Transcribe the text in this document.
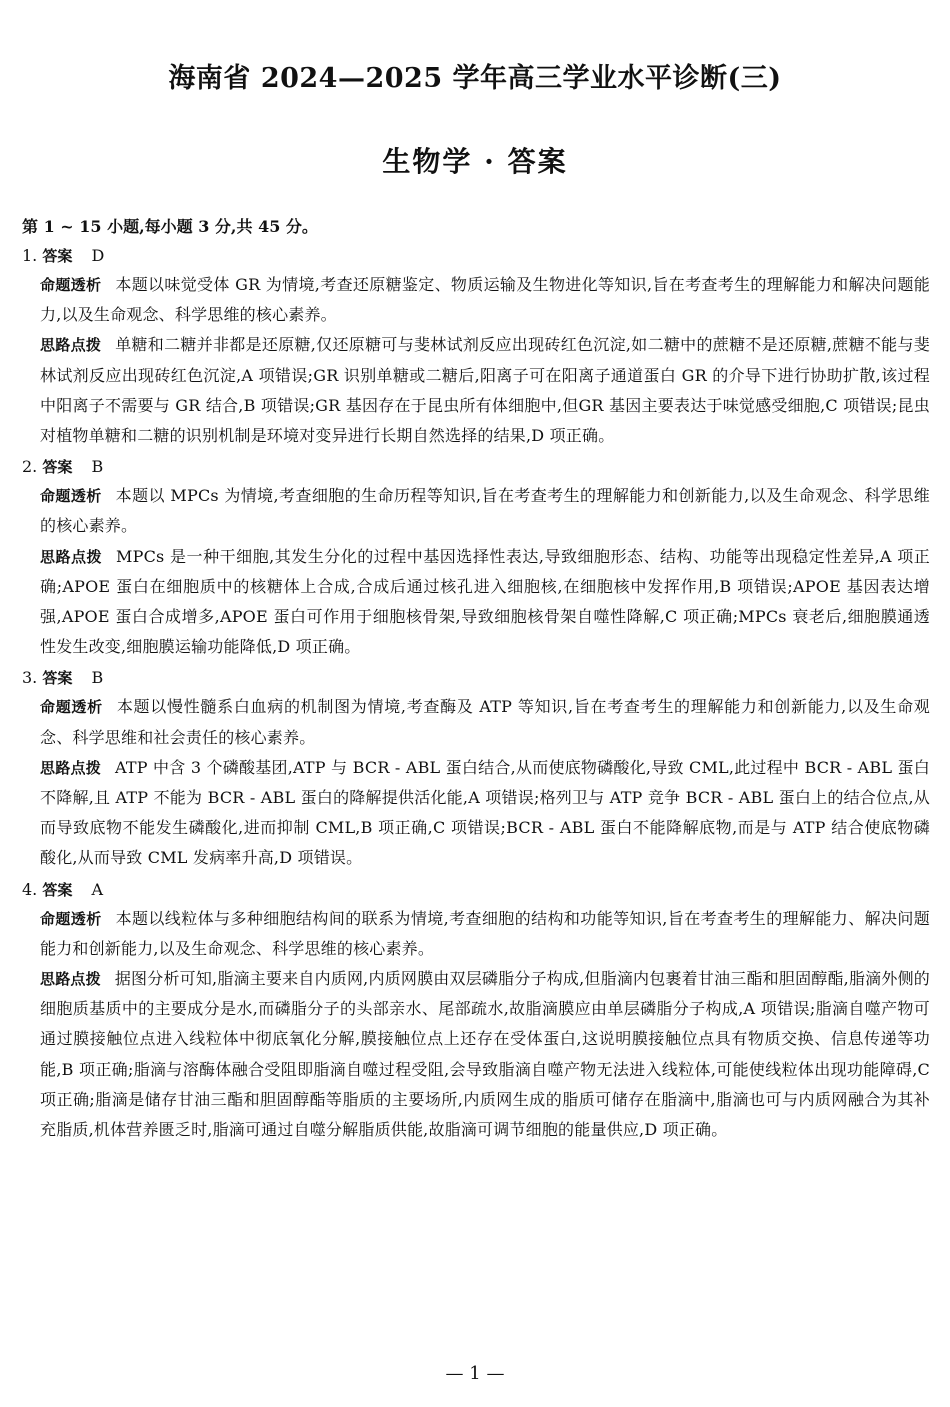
海南省 2024—2025 学年高三学业水平诊断(三)
生物学 · 答案
第 1 ~ 15 小题,每小题 3 分,共 45 分。
1. 答案 D
命题透析 本题以味觉受体 GR 为情境,考查还原糖鉴定、物质运输及生物进化等知识,旨在考查考生的理解能力和解决问题能力,以及生命观念、科学思维的核心素养。
思路点拨 单糖和二糖并非都是还原糖,仅还原糖可与斐林试剂反应出现砖红色沉淀,如二糖中的蔗糖不是还原糖,蔗糖不能与斐林试剂反应出现砖红色沉淀,A 项错误;GR 识别单糖或二糖后,阳离子可在阳离子通道蛋白 GR 的介导下进行协助扩散,该过程中阳离子不需要与 GR 结合,B 项错误;GR 基因存在于昆虫所有体细胞中,但GR 基因主要表达于味觉感受细胞,C 项错误;昆虫对植物单糖和二糖的识别机制是环境对变异进行长期自然选择的结果,D 项正确。
2. 答案 B
命题透析 本题以 MPCs 为情境,考查细胞的生命历程等知识,旨在考查考生的理解能力和创新能力,以及生命观念、科学思维的核心素养。
思路点拨 MPCs 是一种干细胞,其发生分化的过程中基因选择性表达,导致细胞形态、结构、功能等出现稳定性差异,A 项正确;APOE 蛋白在细胞质中的核糖体上合成,合成后通过核孔进入细胞核,在细胞核中发挥作用,B 项错误;APOE 基因表达增强,APOE 蛋白合成增多,APOE 蛋白可作用于细胞核骨架,导致细胞核骨架自噬性降解,C 项正确;MPCs 衰老后,细胞膜通透性发生改变,细胞膜运输功能降低,D 项正确。
3. 答案 B
命题透析 本题以慢性髓系白血病的机制图为情境,考查酶及 ATP 等知识,旨在考查考生的理解能力和创新能力,以及生命观念、科学思维和社会责任的核心素养。
思路点拨 ATP 中含 3 个磷酸基团,ATP 与 BCR - ABL 蛋白结合,从而使底物磷酸化,导致 CML,此过程中 BCR - ABL 蛋白不降解,且 ATP 不能为 BCR - ABL 蛋白的降解提供活化能,A 项错误;格列卫与 ATP 竞争 BCR - ABL 蛋白上的结合位点,从而导致底物不能发生磷酸化,进而抑制 CML,B 项正确,C 项错误;BCR - ABL 蛋白不能降解底物,而是与 ATP 结合使底物磷酸化,从而导致 CML 发病率升高,D 项错误。
4. 答案 A
命题透析 本题以线粒体与多种细胞结构间的联系为情境,考查细胞的结构和功能等知识,旨在考查考生的理解能力、解决问题能力和创新能力,以及生命观念、科学思维的核心素养。
思路点拨 据图分析可知,脂滴主要来自内质网,内质网膜由双层磷脂分子构成,但脂滴内包裹着甘油三酯和胆固醇酯,脂滴外侧的细胞质基质中的主要成分是水,而磷脂分子的头部亲水、尾部疏水,故脂滴膜应由单层磷脂分子构成,A 项错误;脂滴自噬产物可通过膜接触位点进入线粒体中彻底氧化分解,膜接触位点上还存在受体蛋白,这说明膜接触位点具有物质交换、信息传递等功能,B 项正确;脂滴与溶酶体融合受阻即脂滴自噬过程受阻,会导致脂滴自噬产物无法进入线粒体,可能使线粒体出现功能障碍,C 项正确;脂滴是储存甘油三酯和胆固醇酯等脂质的主要场所,内质网生成的脂质可储存在脂滴中,脂滴也可与内质网融合为其补充脂质,机体营养匮乏时,脂滴可通过自噬分解脂质供能,故脂滴可调节细胞的能量供应,D 项正确。
— 1 —
